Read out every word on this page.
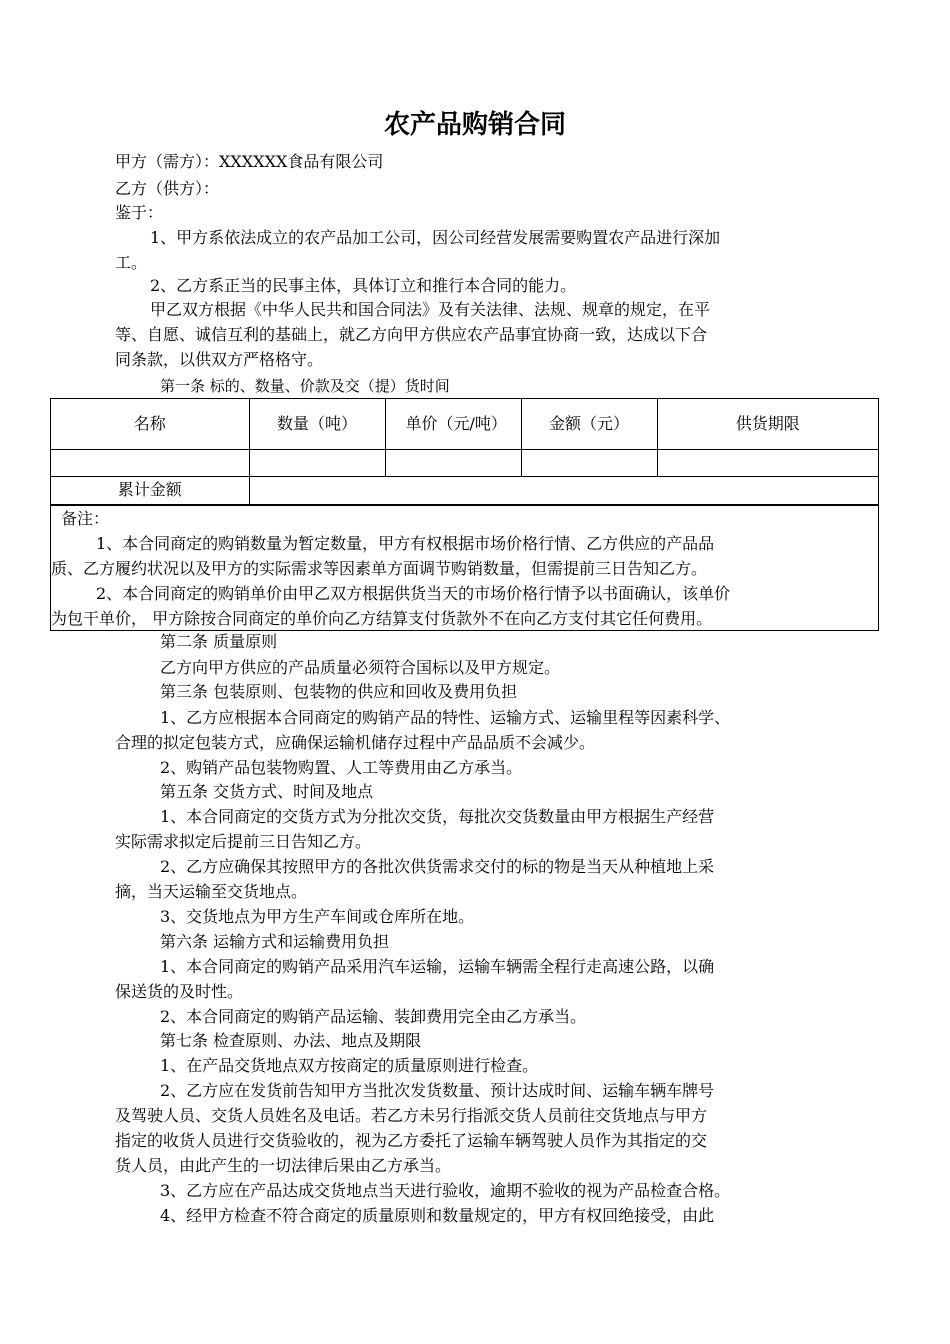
农产品购销合同
甲方（需方）：XXXXXX食品有限公司
乙方（供方）：
鉴于：
1、甲方系依法成立的农产品加工公司，因公司经营发展需要购置农产品进行深加
工。
2、乙方系正当的民事主体，具体订立和推行本合同的能力。
甲乙双方根据《中华人民共和国合同法》及有关法律、法规、规章的规定，在平
等、自愿、诚信互利的基础上，就乙方向甲方供应农产品事宜协商一致，达成以下合
同条款，以供双方严格格守。
第一条 标的、数量、价款及交（提）货时间
名称	数量（吨）	单价（元/吨）	金额（元）	供货期限

累计金额				
备注：
1、本合同商定的购销数量为暂定数量，甲方有权根据市场价格行情、乙方供应的产品品
质、乙方履约状况以及甲方的实际需求等因素单方面调节购销数量，但需提前三日告知乙方。
2、本合同商定的购销单价由甲乙双方根据供货当天的市场价格行情予以书面确认，该单价
为包干单价， 甲方除按合同商定的单价向乙方结算支付货款外不在向乙方支付其它任何费用。
第二条 质量原则
乙方向甲方供应的产品质量必须符合国标以及甲方规定。
第三条 包装原则、包装物的供应和回收及费用负担
1、乙方应根据本合同商定的购销产品的特性、运输方式、运输里程等因素科学、
合理的拟定包装方式，应确保运输机储存过程中产品品质不会减少。
2、购销产品包装物购置、人工等费用由乙方承当。
第五条 交货方式、时间及地点
1、本合同商定的交货方式为分批次交货，每批次交货数量由甲方根据生产经营
实际需求拟定后提前三日告知乙方。
2、乙方应确保其按照甲方的各批次供货需求交付的标的物是当天从种植地上采
摘，当天运输至交货地点。
3、交货地点为甲方生产车间或仓库所在地。
第六条 运输方式和运输费用负担
1、本合同商定的购销产品采用汽车运输，运输车辆需全程行走高速公路，以确
保送货的及时性。
2、本合同商定的购销产品运输、装卸费用完全由乙方承当。
第七条 检查原则、办法、地点及期限
1、在产品交货地点双方按商定的质量原则进行检查。
2、乙方应在发货前告知甲方当批次发货数量、预计达成时间、运输车辆车牌号
及驾驶人员、交货人员姓名及电话。若乙方未另行指派交货人员前往交货地点与甲方
指定的收货人员进行交货验收的，视为乙方委托了运输车辆驾驶人员作为其指定的交
货人员，由此产生的一切法律后果由乙方承当。
3、乙方应在产品达成交货地点当天进行验收，逾期不验收的视为产品检查合格。
4、经甲方检查不符合商定的质量原则和数量规定的，甲方有权回绝接受，由此
